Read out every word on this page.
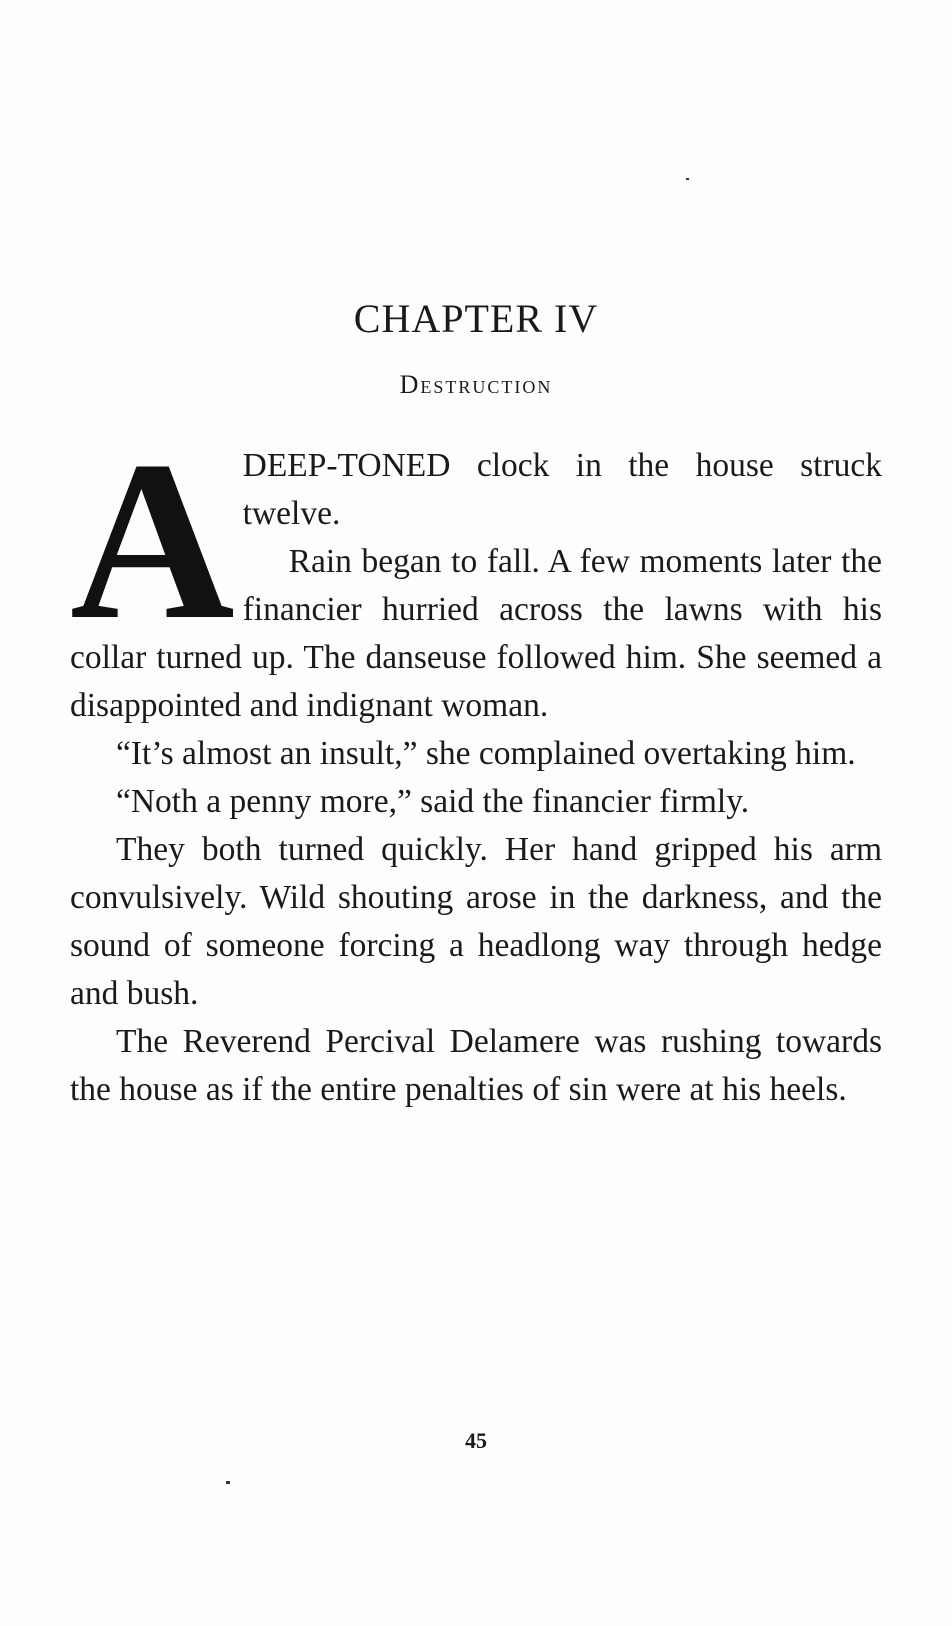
CHAPTER IV
Destruction

ADEEP-TONED clock in the house struck twelve.

Rain began to fall. A few moments later the financier hurried across the lawns with his collar turned up. The danseuse followed him. She seemed a disappointed and indignant woman.

“It’s almost an insult,” she complained overtaking him.

“Noth a penny more,” said the financier firmly.

They both turned quickly. Her hand gripped his arm convulsively. Wild shouting arose in the darkness, and the sound of someone forcing a headlong way through hedge and bush.

The Reverend Percival Delamere was rushing towards the house as if the entire penalties of sin were at his heels.

45
